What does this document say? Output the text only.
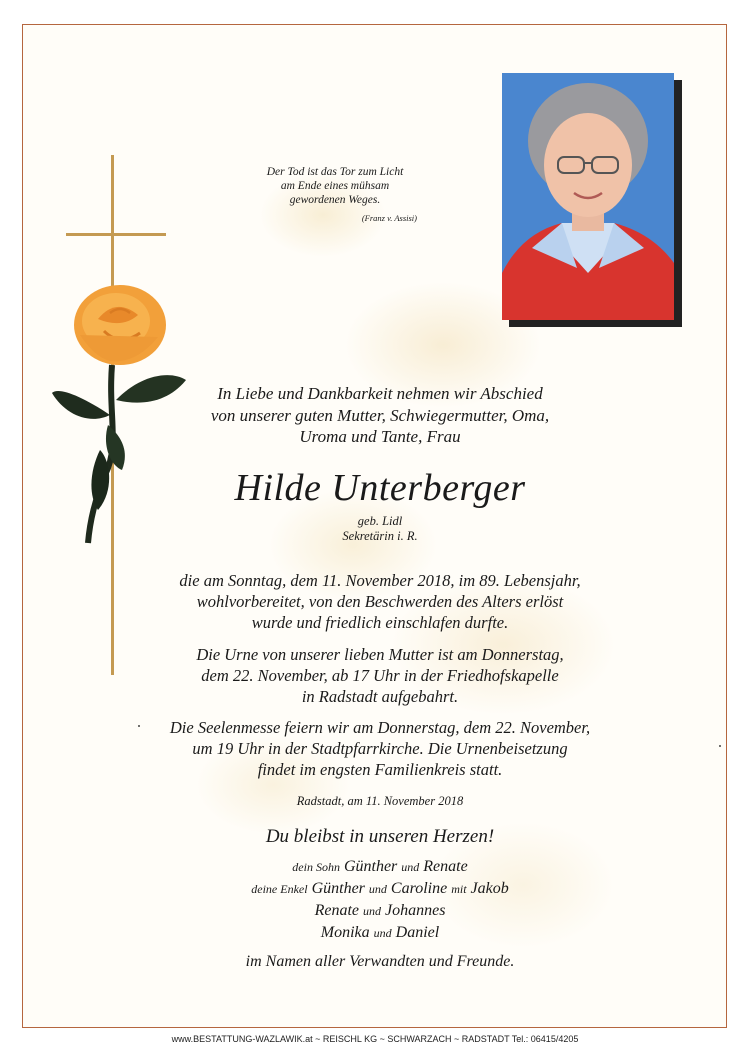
Der Tod ist das Tor zum Licht
am Ende eines mühsam
gewordenen Weges.
(Franz v. Assisi)
In Liebe und Dankbarkeit nehmen wir Abschied
von unserer guten Mutter, Schwiegermutter, Oma,
Uroma und Tante, Frau
Hilde Unterberger
geb. Lidl
Sekretärin i. R.
die am Sonntag, dem 11. November 2018, im 89. Lebensjahr,
wohlvorbereitet, von den Beschwerden des Alters erlöst
wurde und friedlich einschlafen durfte.
Die Urne von unserer lieben Mutter ist am Donnerstag,
dem 22. November, ab 17 Uhr in der Friedhofskapelle
in Radstadt aufgebahrt.
Die Seelenmesse feiern wir am Donnerstag, dem 22. November,
um 19 Uhr in der Stadtpfarrkirche. Die Urnenbeisetzung
findet im engsten Familienkreis statt.
Radstadt, am 11. November 2018
Du bleibst in unseren Herzen!
dein Sohn Günther und Renate
deine Enkel Günther und Caroline mit Jakob
Renate und Johannes
Monika und Daniel
im Namen aller Verwandten und Freunde.
www.BESTATTUNG-WAZLAWIK.at ~ REISCHL KG ~ SCHWARZACH ~ RADSTADT Tel.: 06415/4205
